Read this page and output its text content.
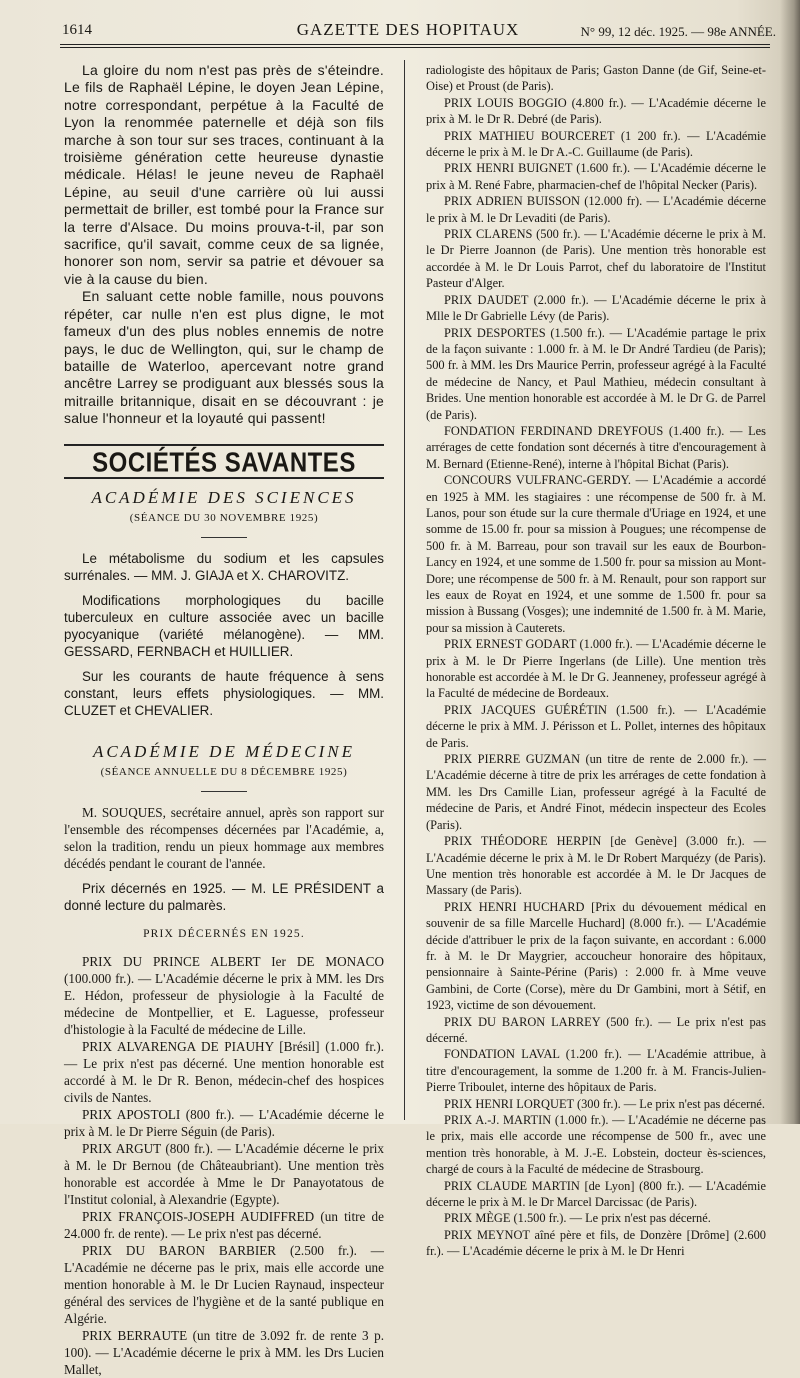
1614	GAZETTE DES HOPITAUX	N° 99, 12 déc. 1925. — 98e ANNÉE.

La gloire du nom n'est pas près de s'éteindre. Le fils de Raphaël Lépine, le doyen Jean Lépine, notre correspondant, perpétue à la Faculté de Lyon la renommée paternelle et déjà son fils marche à son tour sur ses traces, continuant à la troisième génération cette heureuse dynastie médicale. Hélas! le jeune neveu de Raphaël Lépine, au seuil d'une carrière où lui aussi permettait de briller, est tombé pour la France sur la terre d'Alsace. Du moins prouva-t-il, par son sacrifice, qu'il savait, comme ceux de sa lignée, honorer son nom, servir sa patrie et dévouer sa vie à la cause du bien.

En saluant cette noble famille, nous pouvons répéter, car nulle n'en est plus digne, le mot fameux d'un des plus nobles ennemis de notre pays, le duc de Wellington, qui, sur le champ de bataille de Waterloo, apercevant notre grand ancêtre Larrey se prodiguant aux blessés sous la mitraille britannique, disait en se découvrant : je salue l'honneur et la loyauté qui passent!

SOCIÉTÉS SAVANTES
ACADÉMIE DES SCIENCES
(SÉANCE DU 30 NOVEMBRE 1925)

Le métabolisme du sodium et les capsules surrénales. — MM. J. GIAJA et X. CHAROVITZ.

Modifications morphologiques du bacille tuberculeux en culture associée avec un bacille pyocyanique (variété mélanogène). — MM. GESSARD, FERNBACH et HUILLIER.

Sur les courants de haute fréquence à sens constant, leurs effets physiologiques. — MM. CLUZET et CHEVALIER.

ACADÉMIE DE MÉDECINE
(SÉANCE ANNUELLE DU 8 DÉCEMBRE 1925)

M. SOUQUES, secrétaire annuel, après son rapport sur l'ensemble des récompenses décernées par l'Académie, a, selon la tradition, rendu un pieux hommage aux membres décédés pendant le courant de l'année.

Prix décernés en 1925. — M. LE PRÉSIDENT a donné lecture du palmarès.

PRIX DÉCERNÉS EN 1925.

PRIX DU PRINCE ALBERT Ier DE MONACO (100.000 fr.). — L'Académie décerne le prix à MM. les Drs E. Hédon, professeur de physiologie à la Faculté de médecine de Montpellier, et E. Laguesse, professeur d'histologie à la Faculté de médecine de Lille.

PRIX ALVARENGA DE PIAUHY [Brésil] (1.000 fr.). — Le prix n'est pas décerné. Une mention honorable est accordé à M. le Dr R. Benon, médecin-chef des hospices civils de Nantes.

PRIX APOSTOLI (800 fr.). — L'Académie décerne le prix à M. le Dr Pierre Séguin (de Paris).

PRIX ARGUT (800 fr.). — L'Académie décerne le prix à M. le Dr Bernou (de Châteaubriant). Une mention très honorable est accordée à Mme le Dr Panayotatous de l'Institut colonial, à Alexandrie (Egypte).

PRIX FRANÇOIS-JOSEPH AUDIFFRED (un titre de 24.000 fr. de rente). — Le prix n'est pas décerné.

PRIX DU BARON BARBIER (2.500 fr.). — L'Académie ne décerne pas le prix, mais elle accorde une mention honorable à M. le Dr Lucien Raynaud, inspecteur général des services de l'hygiène et de la santé publique en Algérie.

PRIX BERRAUTE (un titre de 3.092 fr. de rente 3 p. 100). — L'Académie décerne le prix à MM. les Drs Lucien Mallet,

radiologiste des hôpitaux de Paris; Gaston Danne (de Gif, Seine-et-Oise) et Proust (de Paris).

PRIX LOUIS BOGGIO (4.800 fr.). — L'Académie décerne le prix à M. le Dr R. Debré (de Paris).

PRIX MATHIEU BOURCERET (1 200 fr.). — L'Académie décerne le prix à M. le Dr A.-C. Guillaume (de Paris).

PRIX HENRI BUIGNET (1.600 fr.). — L'Académie décerne le prix à M. René Fabre, pharmacien-chef de l'hôpital Necker (Paris).

PRIX ADRIEN BUISSON (12.000 fr). — L'Académie décerne le prix à M. le Dr Levaditi (de Paris).

PRIX CLARENS (500 fr.). — L'Académie décerne le prix à M. le Dr Pierre Joannon (de Paris). Une mention très honorable est accordée à M. le Dr Louis Parrot, chef du laboratoire de l'Institut Pasteur d'Alger.

PRIX DAUDET (2.000 fr.). — L'Académie décerne le prix à Mlle le Dr Gabrielle Lévy (de Paris).

PRIX DESPORTES (1.500 fr.). — L'Académie partage le prix de la façon suivante : 1.000 fr. à M. le Dr André Tardieu (de Paris); 500 fr. à MM. les Drs Maurice Perrin, professeur agrégé à la Faculté de médecine de Nancy, et Paul Mathieu, médecin consultant à Brides. Une mention honorable est accordée à M. le Dr G. de Parrel (de Paris).

FONDATION FERDINAND DREYFOUS (1.400 fr.). — Les arrérages de cette fondation sont décernés à titre d'encouragement à M. Bernard (Etienne-René), interne à l'hôpital Bichat (Paris).

CONCOURS VULFRANC-GERDY. — L'Académie a accordé en 1925 à MM. les stagiaires : une récompense de 500 fr. à M. Lanos, pour son étude sur la cure thermale d'Uriage en 1924, et une somme de 15.00 fr. pour sa mission à Pougues; une récompense de 500 fr. à M. Barreau, pour son travail sur les eaux de Bourbon-Lancy en 1924, et une somme de 1.500 fr. pour sa mission au Mont-Dore; une récompense de 500 fr. à M. Renault, pour son rapport sur les eaux de Royat en 1924, et une somme de 1.500 fr. pour sa mission à Bussang (Vosges); une indemnité de 1.500 fr. à M. Marie, pour sa mission à Cauterets.

PRIX ERNEST GODART (1.000 fr.). — L'Académie décerne le prix à M. le Dr Pierre Ingerlans (de Lille). Une mention très honorable est accordée à M. le Dr G. Jeanneney, professeur agrégé à la Faculté de médecine de Bordeaux.

PRIX JACQUES GUÉRÉTIN (1.500 fr.). — L'Académie décerne le prix à MM. J. Périsson et L. Pollet, internes des hôpitaux de Paris.

PRIX PIERRE GUZMAN (un titre de rente de 2.000 fr.). — L'Académie décerne à titre de prix les arrérages de cette fondation à MM. les Drs Camille Lian, professeur agrégé à la Faculté de médecine de Paris, et André Finot, médecin inspecteur des Ecoles (Paris).

PRIX THÉODORE HERPIN [de Genève] (3.000 fr.). — L'Académie décerne le prix à M. le Dr Robert Marquézy (de Paris). Une mention très honorable est accordée à M. le Dr Jacques de Massary (de Paris).

PRIX HENRI HUCHARD [Prix du dévouement médical en souvenir de sa fille Marcelle Huchard] (8.000 fr.). — L'Académie décide d'attribuer le prix de la façon suivante, en accordant : 6.000 fr. à M. le Dr Maygrier, accoucheur honoraire des hôpitaux, pensionnaire à Sainte-Périne (Paris) : 2.000 fr. à Mme veuve Gambini, de Corte (Corse), mère du Dr Gambini, mort à Sétif, en 1923, victime de son dévouement.

PRIX DU BARON LARREY (500 fr.). — Le prix n'est pas décerné.

FONDATION LAVAL (1.200 fr.). — L'Académie attribue, à titre d'encouragement, la somme de 1.200 fr. à M. Francis-Julien-Pierre Triboulet, interne des hôpitaux de Paris.

PRIX HENRI LORQUET (300 fr.). — Le prix n'est pas décerné.

PRIX A.-J. MARTIN (1.000 fr.). — L'Académie ne décerne pas le prix, mais elle accorde une récompense de 500 fr., avec une mention très honorable, à M. J.-E. Lobstein, docteur ès-sciences, chargé de cours à la Faculté de médecine de Strasbourg.

PRIX CLAUDE MARTIN [de Lyon] (800 fr.). — L'Académie décerne le prix à M. le Dr Marcel Darcissac (de Paris).

PRIX MÈGE (1.500 fr.). — Le prix n'est pas décerné.

PRIX MEYNOT aîné père et fils, de Donzère [Drôme] (2.600 fr.). — L'Académie décerne le prix à M. le Dr Henri
